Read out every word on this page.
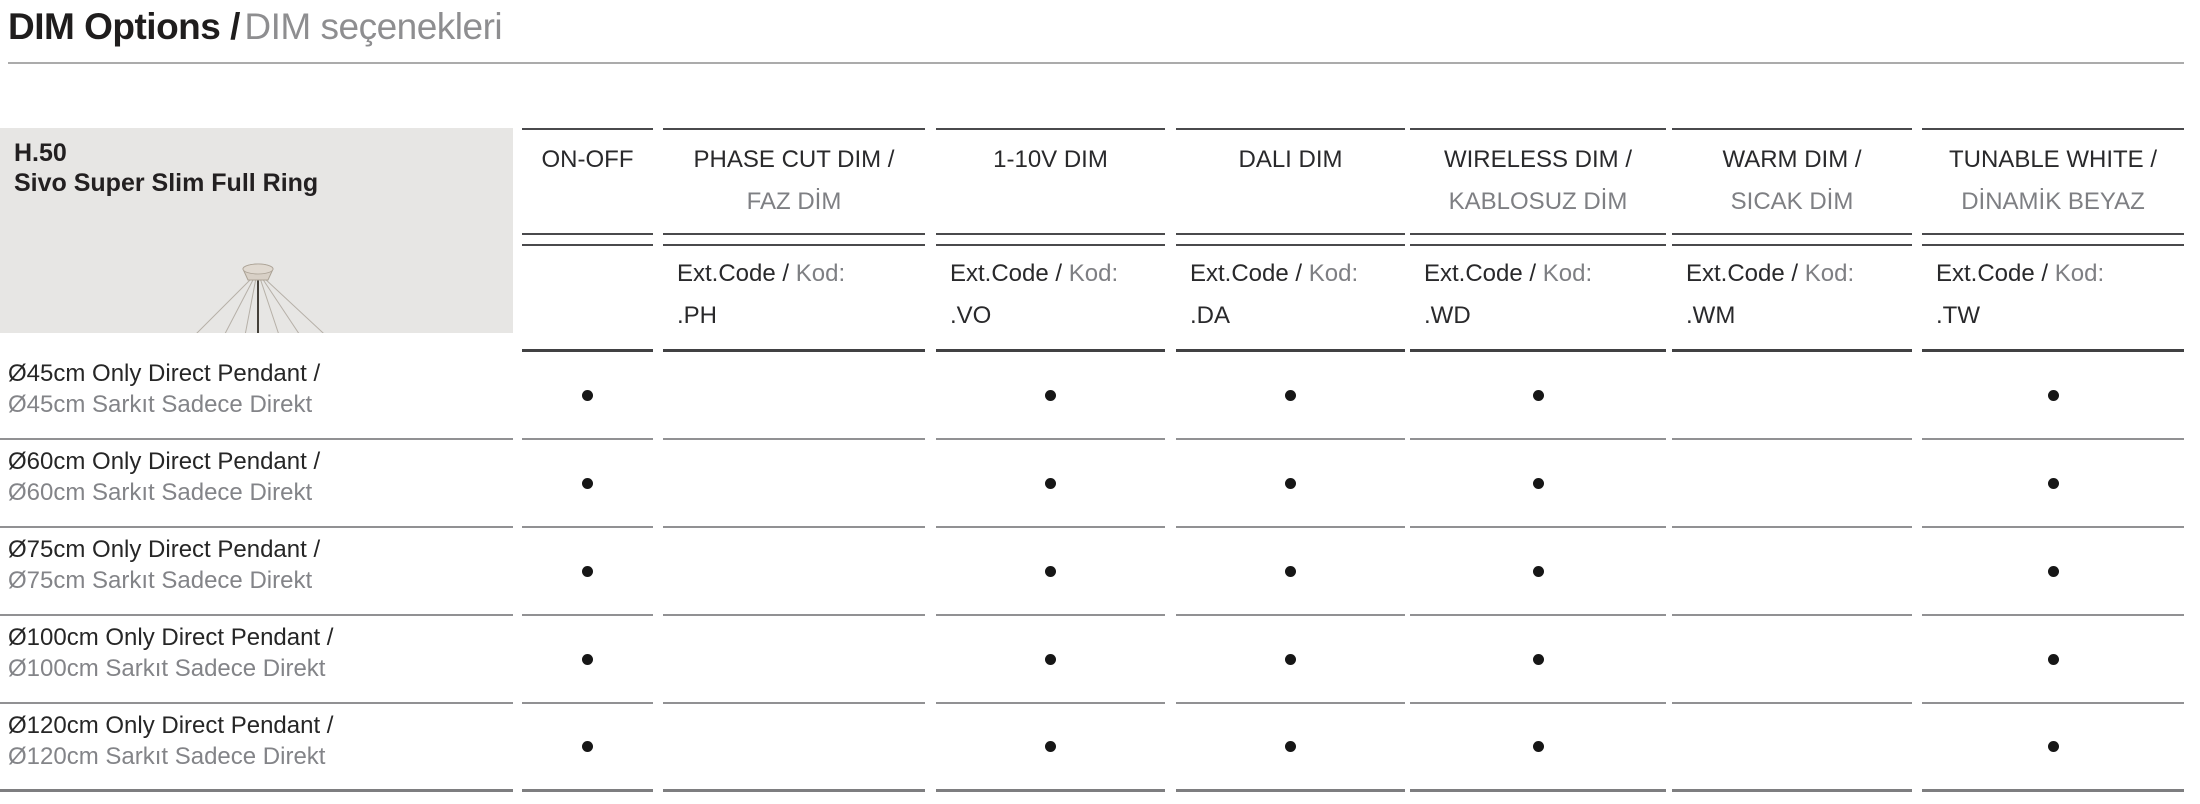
DIM Options / DIM seçenekleri
H.50
Sivo Super Slim Full Ring
ON-OFF	PHASE CUT DIM /
FAZ DİM
Ext.Code / Kod:
.PH
1-10V DIM
Ext.Code / Kod:
.VO
DALI DIM
Ext.Code / Kod:
.DA
WIRELESS DIM /
KABLOSUZ DİM
Ext.Code / Kod:
.WD
WARM DIM /
SICAK DİM
Ext.Code / Kod:
.WM
TUNABLE WHITE /
DİNAMİK BEYAZ
Ext.Code / Kod:
.TW
Ø45cm Only Direct Pendant /
Ø45cm Sarkıt Sadece Direkt
Ø60cm Only Direct Pendant /
Ø60cm Sarkıt Sadece Direkt
Ø75cm Only Direct Pendant /
Ø75cm Sarkıt Sadece Direkt
Ø100cm Only Direct Pendant /
Ø100cm Sarkıt Sadece Direkt
Ø120cm Only Direct Pendant /
Ø120cm Sarkıt Sadece Direkt
